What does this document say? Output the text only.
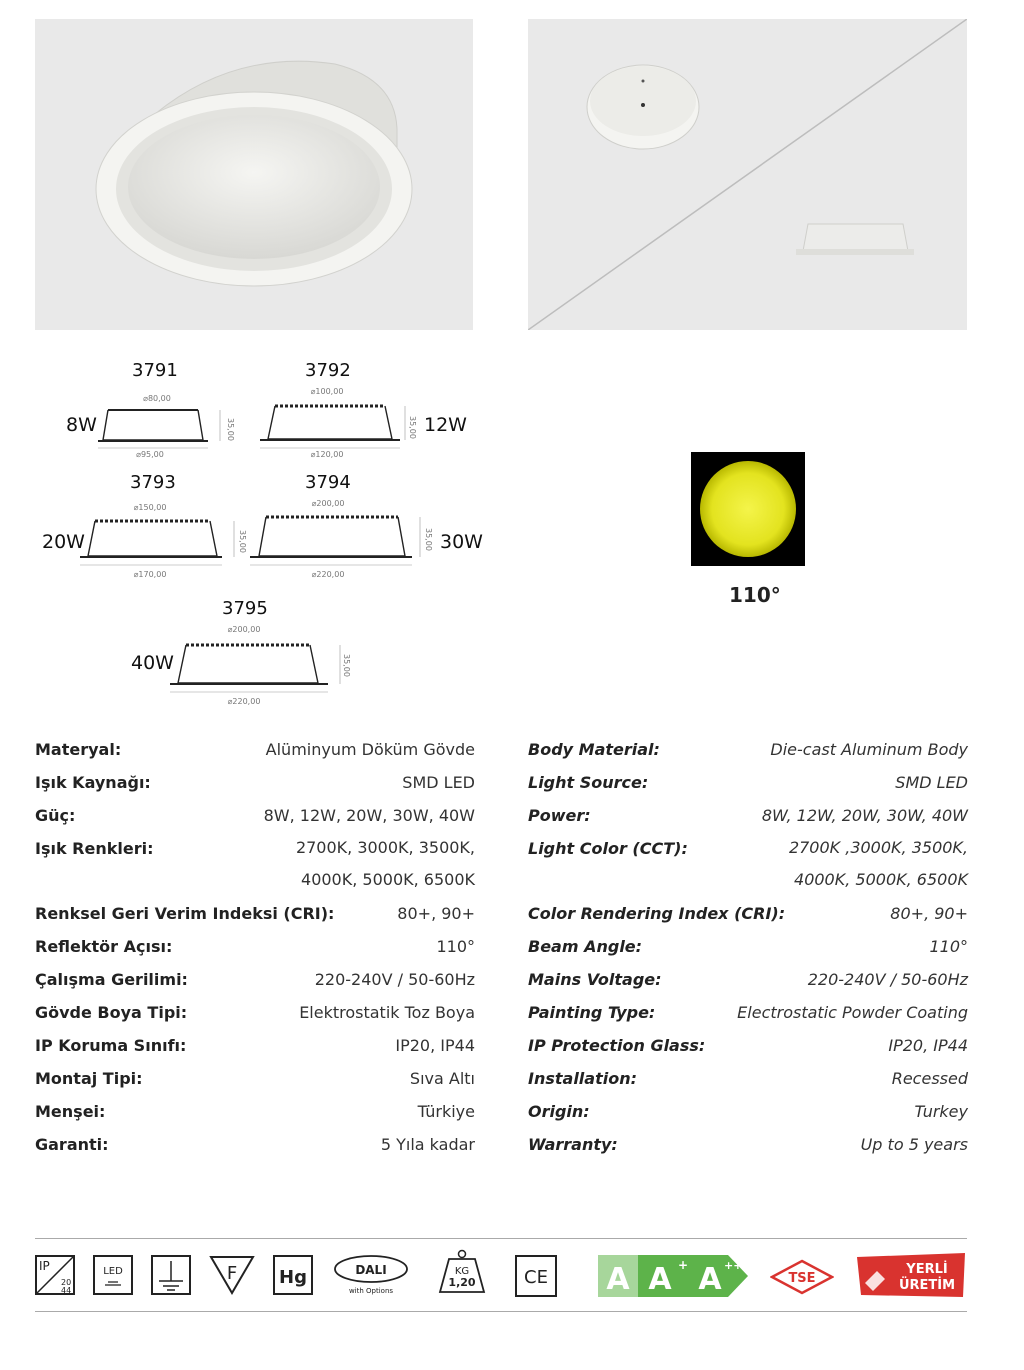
3791	3792
3793	3794
3795
8W	12W
20W	30W
40W
⌀80,00
⌀95,00
35,00
⌀100,00
⌀120,00
35,00
⌀150,00
⌀170,00
35,00
⌀200,00
⌀220,00
35,00
⌀200,00
⌀220,00
35,00
110°
Materyal:	Alüminyum Döküm Gövde
Işık Kaynağı:	SMD LED
Güç:	8W, 12W, 20W, 30W, 40W
Işık Renkleri:	2700K, 3000K, 3500K,
4000K, 5000K, 6500K
Renksel Geri Verim Indeksi (CRI):	80+, 90+
Reflektör Açısı:	110°
Çalışma Gerilimi:	220-240V / 50-60Hz
Gövde Boya Tipi:	Elektrostatik Toz Boya
IP Koruma Sınıfı:	IP20, IP44
Montaj Tipi:	Sıva Altı
Menşei:	Türkiye
Garanti:	5 Yıla kadar
Body Material:	Die-cast Aluminum Body
Light Source:	SMD LED
Power:	8W, 12W, 20W, 30W, 40W
Light Color (CCT):	2700K ,3000K, 3500K,
4000K, 5000K, 6500K
Color Rendering Index (CRI):	80+, 90+
Beam Angle:	110°
Mains Voltage:	220-240V / 50-60Hz
Painting Type:	Electrostatic Powder Coating
IP Protection Glass:	IP20, IP44
Installation:	Recessed
Origin:	Turkey
Warranty:	Up to 5 years
IP
20
44
LED	F Hg	DALI
with Options
KG
1,20	CE A A + A ++
TSE
YERLİ
ÜRETİM
